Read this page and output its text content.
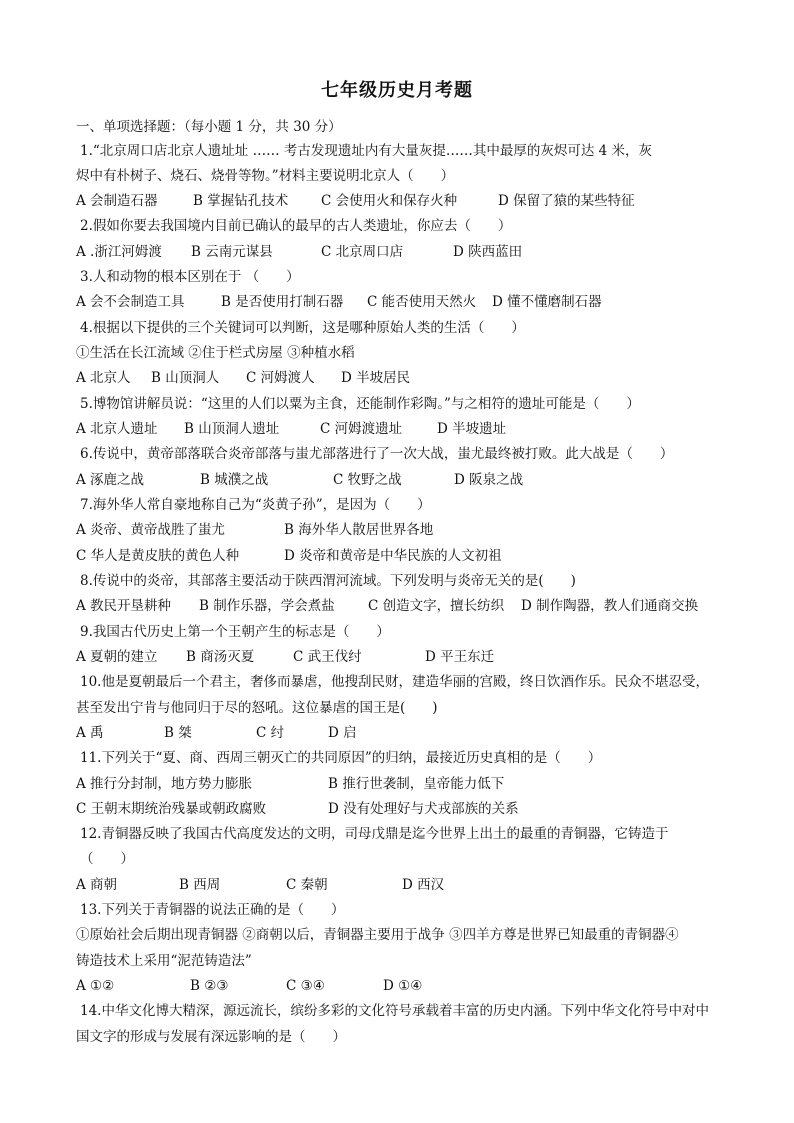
七年级历史月考题
一、单项选择题：（每小题 1 分，共 30 分）
1.“北京周口店北京人遗址址 …… 考古发现遗址内有大量灰提……其中最厚的灰烬可达 4 米，灰
烬中有朴树子、烧石、烧骨等物。”材料主要说明北京人（　　）
A 会制造石器	B 掌握钻孔技术 C 会使用火和保存火种	D 保留了猿的某些特征
2.假如你要去我国境内目前已确认的最早的古人类遗址，你应去（　　）
A .浙江河姆渡 B 云南元谋县	C 北京周口店	D 陕西蓝田
3.人和动物的根本区别在于 （　　）
A 会不会制造工具	B 是否使用打制石器 C 能否使用天然火 D 懂不懂磨制石器
4.根据以下提供的三个关键词可以判断，这是哪种原始人类的生活（　　）
①生活在长江流域 ②住于栏式房屋 ③种植水稻
A 北京人 B 山顶洞人 C 河姆渡人 D 半坡居民
5.博物馆讲解员说：“这里的人们以粟为主食，还能制作彩陶。”与之相符的遗址可能是（　　）
A 北京人遗址 B 山顶洞人遗址	C 河姆渡遗址	D 半坡遗址
6.传说中，黄帝部落联合炎帝部落与蚩尤部落进行了一次大战，蚩尤最终被打败。此大战是（　　）
A 涿鹿之战	B 城濮之战	C 牧野之战	D 阪泉之战
7.海外华人常自豪地称自己为“炎黄子孙”，是因为（　　）
A 炎帝、黄帝战胜了蚩尤	B 海外华人散居世界各地
C 华人是黄皮肤的黄色人种	D 炎帝和黄帝是中华民族的人文初祖
8.传说中的炎帝，其部落主要活动于陕西渭河流域。下列发明与炎帝无关的是(　　)
A 教民开垦耕种 B 制作乐器，学会煮盐 C 创造文字，擅长纺织 D 制作陶器，教人们通商交换
9.我国古代历史上第一个王朝产生的标志是（　　）
A 夏朝的建立 B 商汤灭夏	C 武王伐纣	D 平王东迁
10.他是夏朝最后一个君主，奢侈而暴虐，他搜刮民财，建造华丽的宫殿，终日饮酒作乐。民众不堪忍受，
甚至发出宁肯与他同归于尽的怒吼。这位暴虐的国王是(　　)
A 禹	B 桀	C 纣	D 启
11.下列关于“夏、商、西周三朝灭亡的共同原因”的归纳，最接近历史真相的是（　　）
A 推行分封制，地方势力膨胀	B 推行世袭制，皇帝能力低下
C 王朝末期统治残暴或朝政腐败	D 没有处理好与犬戎部族的关系
12.青铜器反映了我国古代高度发达的文明，司母戊鼎是迄今世界上出土的最重的青铜器，它铸造于
（　　）
A 商朝	B 西周	C 秦朝	D 西汉
13.下列关于青铜器的说法正确的是（　　）
①原始社会后期出现青铜器 ②商朝以后，青铜器主要用于战争 ③四羊方尊是世界已知最重的青铜器④
铸造技术上采用“泥范铸造法”
A ①②	B ②③	C ③④	D ①④
14.中华文化博大精深，源远流长，缤纷多彩的文化符号承载着丰富的历史内涵。下列中华文化符号中对中
国文字的形成与发展有深远影响的是（　　）
